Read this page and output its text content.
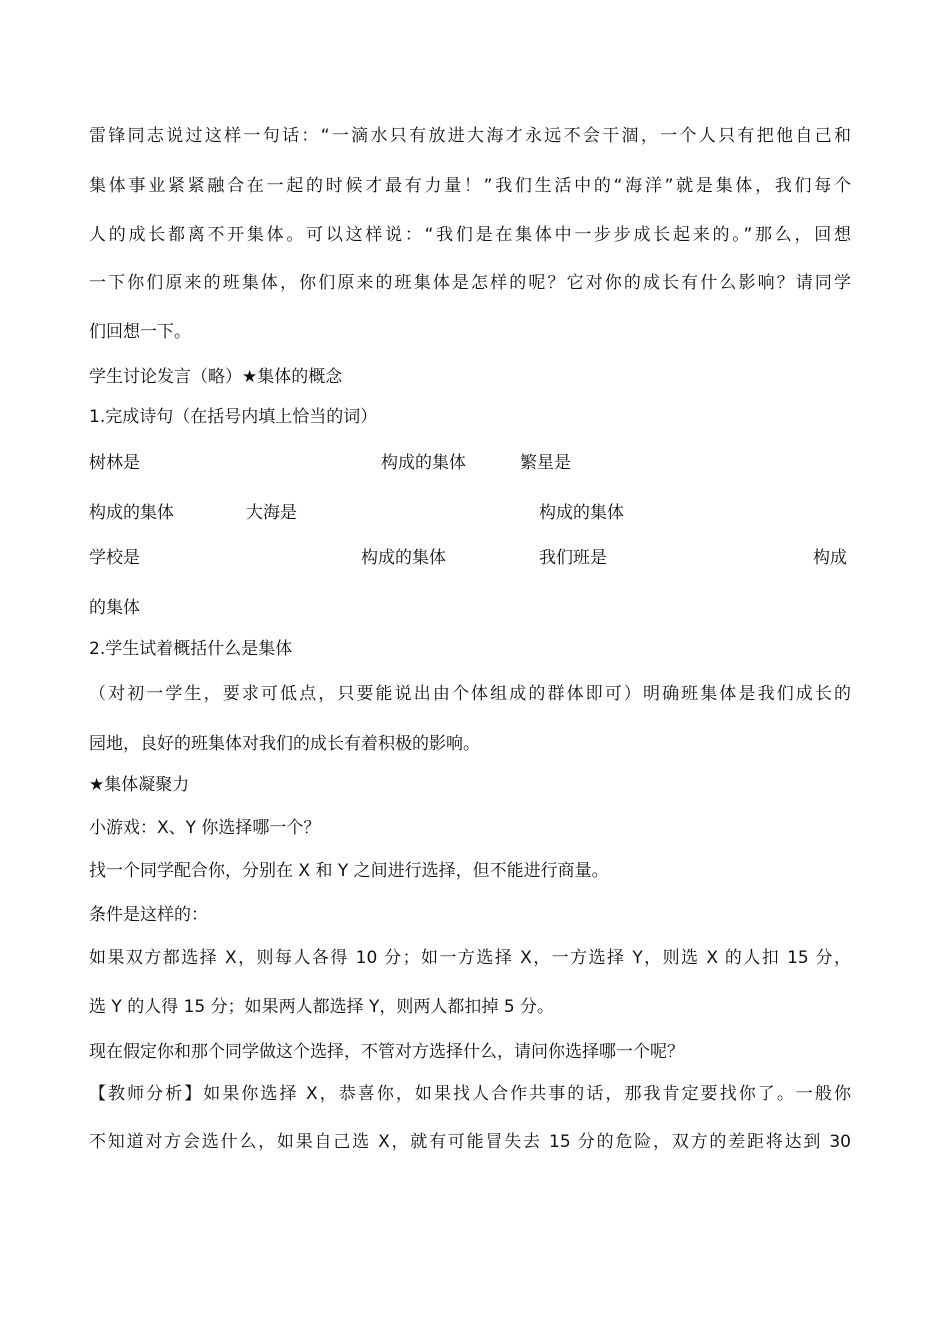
雷锋同志说过这样一句话：“一滴水只有放进大海才永远不会干涸，一个人只有把他自己和

集体事业紧紧融合在一起的时候才最有力量！”我们生活中的“海洋”就是集体，我们每个

人的成长都离不开集体。可以这样说：“我们是在集体中一步步成长起来的。”那么，回想

一下你们原来的班集体，你们原来的班集体是怎样的呢？它对你的成长有什么影响？请同学

们回想一下。

学生讨论发言（略）★集体的概念

1.完成诗句（在括号内填上恰当的词）

树林是	构成的集体	繁星是
构成的集体	大海是	构成的集体
学校是	构成的集体	我们班是	构成
的集体

2.学生试着概括什么是集体

（对初一学生，要求可低点，只要能说出由个体组成的群体即可）明确班集体是我们成长的

园地，良好的班集体对我们的成长有着积极的影响。

★集体凝聚力

小游戏：X、Y 你选择哪一个？

找一个同学配合你，分别在 X 和 Y 之间进行选择，但不能进行商量。

条件是这样的：

如果双方都选择 X，则每人各得 10 分；如一方选择 X，一方选择 Y，则选 X 的人扣 15 分，

选 Y 的人得 15 分；如果两人都选择 Y，则两人都扣掉 5 分。

现在假定你和那个同学做这个选择，不管对方选择什么，请问你选择哪一个呢？

【教师分析】如果你选择 X，恭喜你，如果找人合作共事的话，那我肯定要找你了。一般你

不知道对方会选什么，如果自己选 X，就有可能冒失去 15 分的危险，双方的差距将达到 30
